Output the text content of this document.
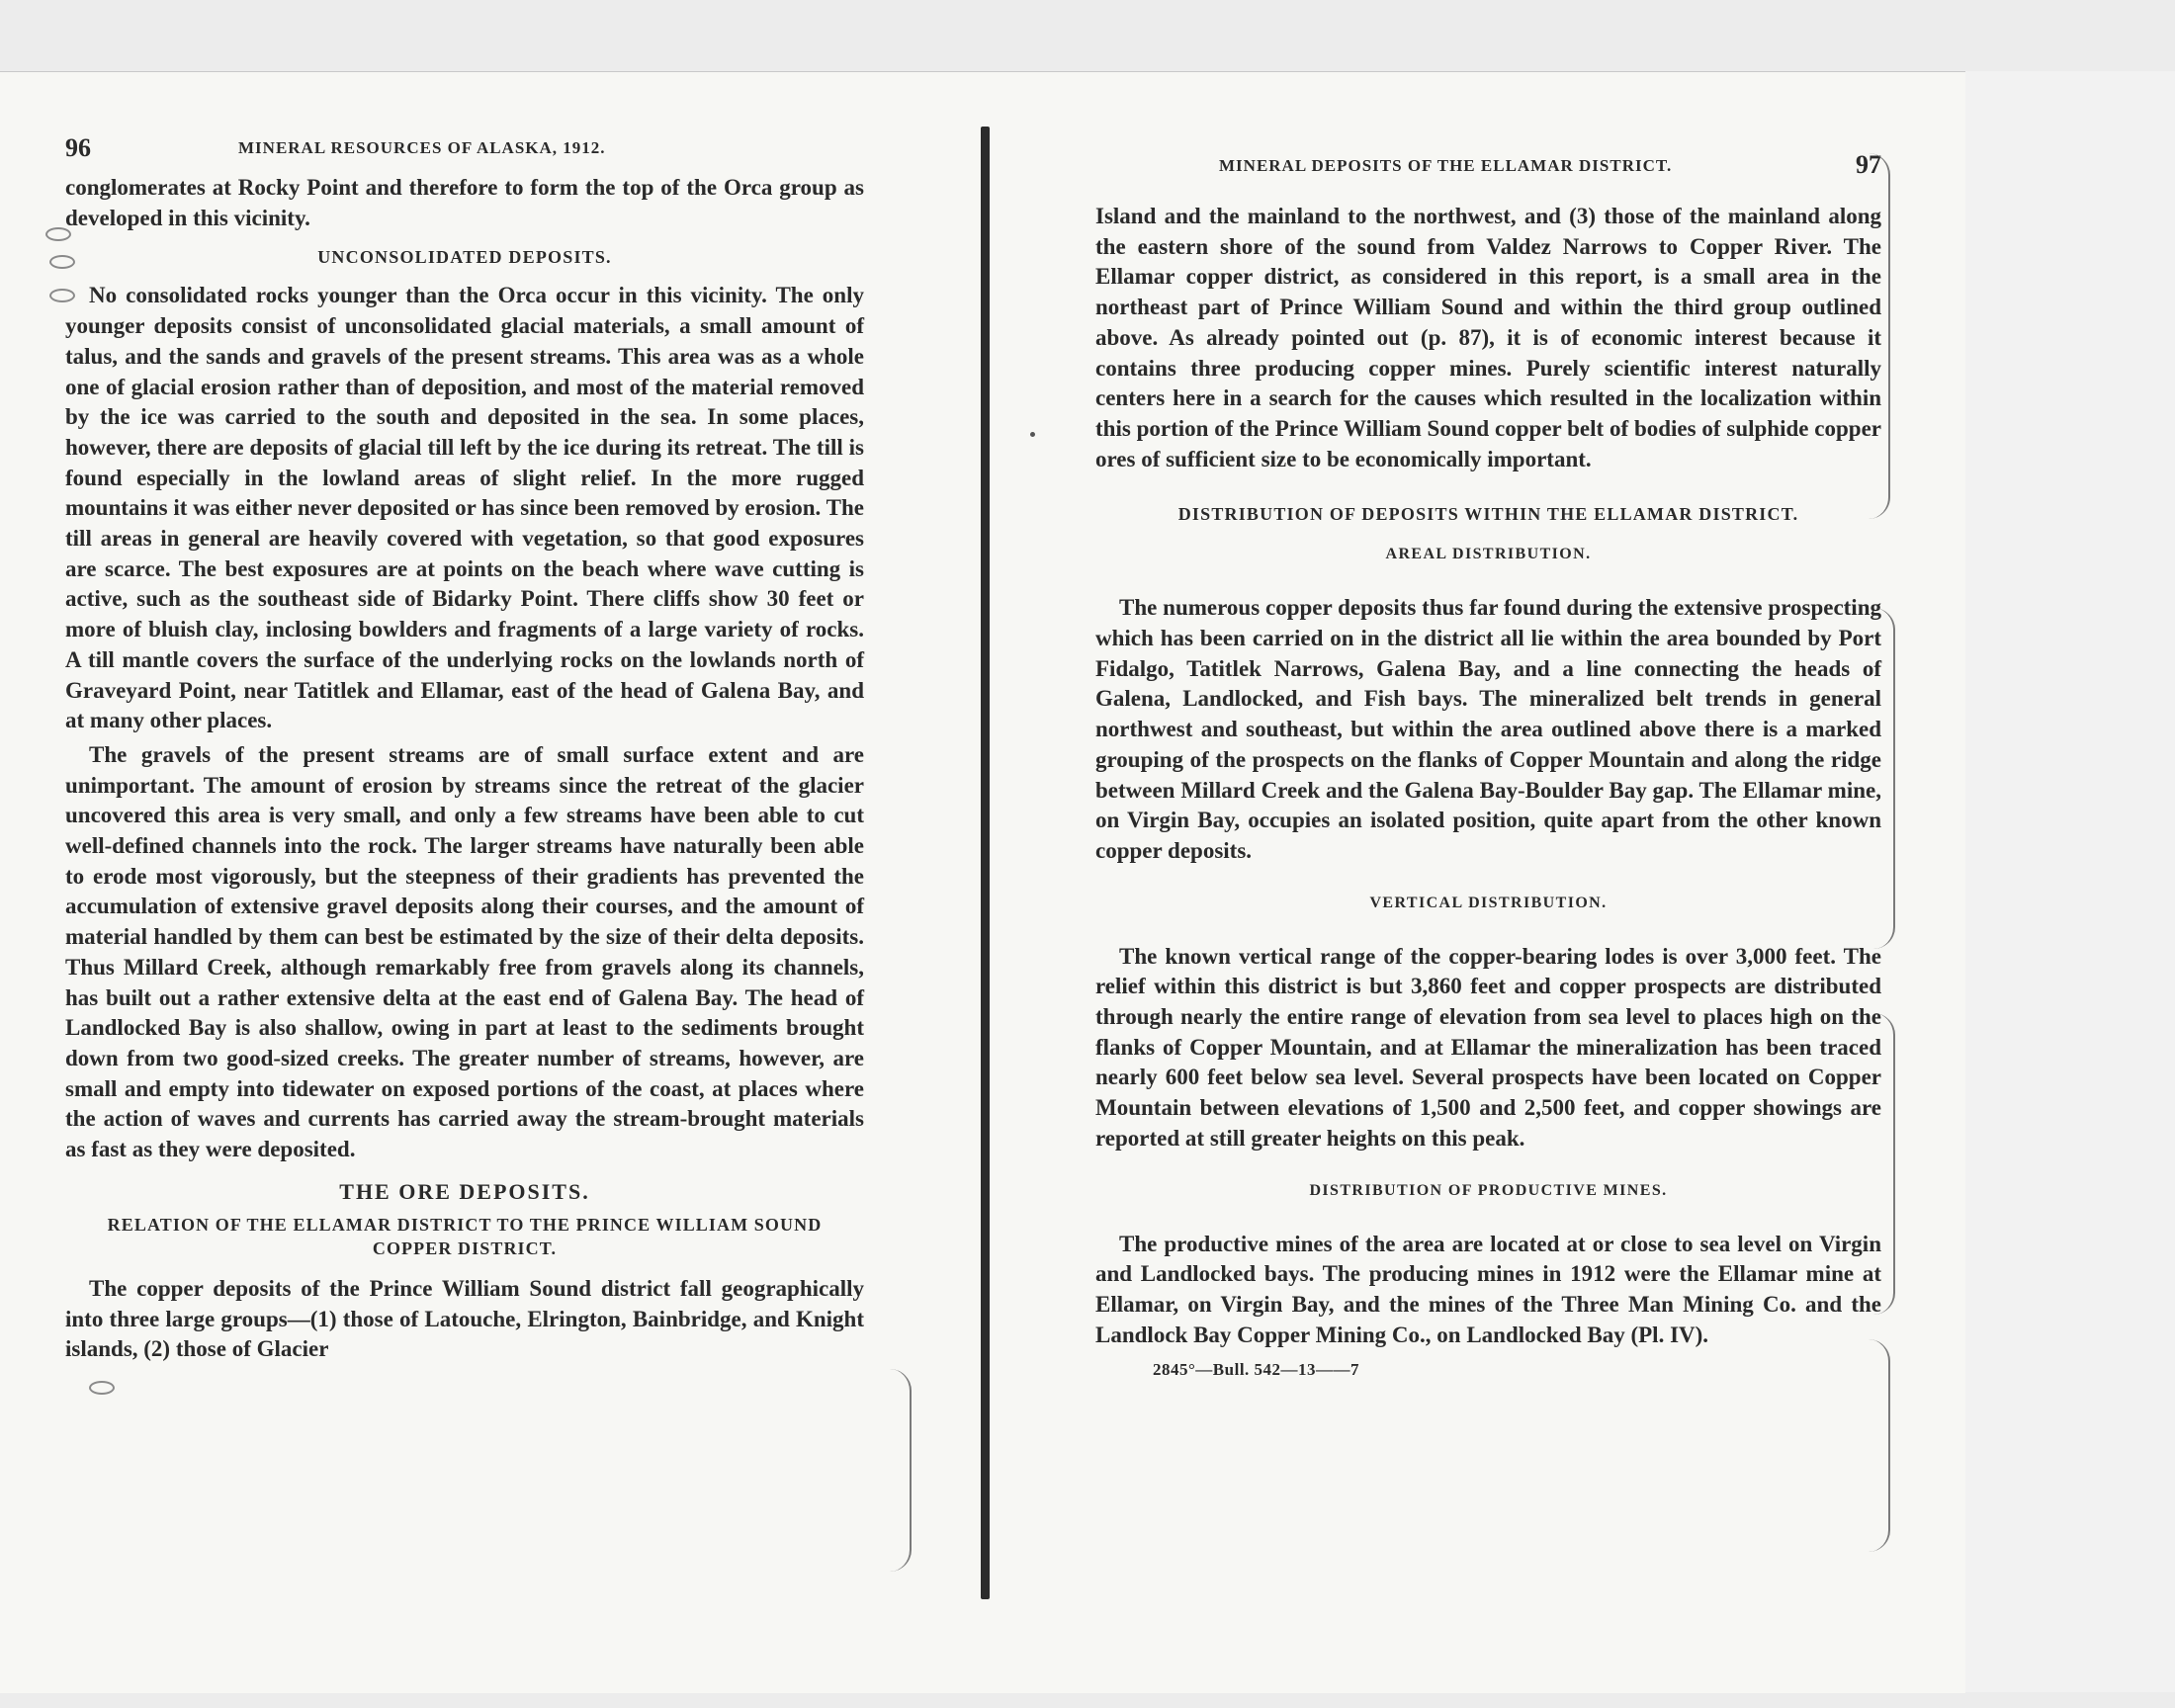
96	MINERAL RESOURCES OF ALASKA, 1912.

conglomerates at Rocky Point and therefore to form the top of the Orca group as developed in this vicinity.

UNCONSOLIDATED DEPOSITS.

No consolidated rocks younger than the Orca occur in this vicinity. The only younger deposits consist of unconsolidated glacial materials, a small amount of talus, and the sands and gravels of the present streams. This area was as a whole one of glacial erosion rather than of deposition, and most of the material removed by the ice was carried to the south and deposited in the sea. In some places, however, there are deposits of glacial till left by the ice during its retreat. The till is found especially in the lowland areas of slight relief. In the more rugged mountains it was either never deposited or has since been removed by erosion. The till areas in general are heavily covered with vegetation, so that good exposures are scarce. The best exposures are at points on the beach where wave cutting is active, such as the southeast side of Bidarky Point. There cliffs show 30 feet or more of bluish clay, inclosing bowlders and fragments of a large variety of rocks. A till mantle covers the surface of the underlying rocks on the lowlands north of Graveyard Point, near Tatitlek and Ellamar, east of the head of Galena Bay, and at many other places.

The gravels of the present streams are of small surface extent and are unimportant. The amount of erosion by streams since the retreat of the glacier uncovered this area is very small, and only a few streams have been able to cut well-defined channels into the rock. The larger streams have naturally been able to erode most vigorously, but the steepness of their gradients has prevented the accumulation of extensive gravel deposits along their courses, and the amount of material handled by them can best be estimated by the size of their delta deposits. Thus Millard Creek, although remarkably free from gravels along its channels, has built out a rather extensive delta at the east end of Galena Bay. The head of Landlocked Bay is also shallow, owing in part at least to the sediments brought down from two good-sized creeks. The greater number of streams, however, are small and empty into tidewater on exposed portions of the coast, at places where the action of waves and currents has carried away the stream-brought materials as fast as they were deposited.

THE ORE DEPOSITS.
RELATION OF THE ELLAMAR DISTRICT TO THE PRINCE WILLIAM SOUND COPPER DISTRICT.

The copper deposits of the Prince William Sound district fall geographically into three large groups—(1) those of Latouche, Elrington, Bainbridge, and Knight islands, (2) those of Glacier

MINERAL DEPOSITS OF THE ELLAMAR DISTRICT.	97

Island and the mainland to the northwest, and (3) those of the mainland along the eastern shore of the sound from Valdez Narrows to Copper River. The Ellamar copper district, as considered in this report, is a small area in the northeast part of Prince William Sound and within the third group outlined above. As already pointed out (p. 87), it is of economic interest because it contains three producing copper mines. Purely scientific interest naturally centers here in a search for the causes which resulted in the localization within this portion of the Prince William Sound copper belt of bodies of sulphide copper ores of sufficient size to be economically important.

DISTRIBUTION OF DEPOSITS WITHIN THE ELLAMAR DISTRICT.
AREAL DISTRIBUTION.

The numerous copper deposits thus far found during the extensive prospecting which has been carried on in the district all lie within the area bounded by Port Fidalgo, Tatitlek Narrows, Galena Bay, and a line connecting the heads of Galena, Landlocked, and Fish bays. The mineralized belt trends in general northwest and southeast, but within the area outlined above there is a marked grouping of the prospects on the flanks of Copper Mountain and along the ridge between Millard Creek and the Galena Bay-Boulder Bay gap. The Ellamar mine, on Virgin Bay, occupies an isolated position, quite apart from the other known copper deposits.

VERTICAL DISTRIBUTION.

The known vertical range of the copper-bearing lodes is over 3,000 feet. The relief within this district is but 3,860 feet and copper prospects are distributed through nearly the entire range of elevation from sea level to places high on the flanks of Copper Mountain, and at Ellamar the mineralization has been traced nearly 600 feet below sea level. Several prospects have been located on Copper Mountain between elevations of 1,500 and 2,500 feet, and copper showings are reported at still greater heights on this peak.

DISTRIBUTION OF PRODUCTIVE MINES.

The productive mines of the area are located at or close to sea level on Virgin and Landlocked bays. The producing mines in 1912 were the Ellamar mine at Ellamar, on Virgin Bay, and the mines of the Three Man Mining Co. and the Landlock Bay Copper Mining Co., on Landlocked Bay (Pl. IV).

2845°—Bull. 542—13——7
